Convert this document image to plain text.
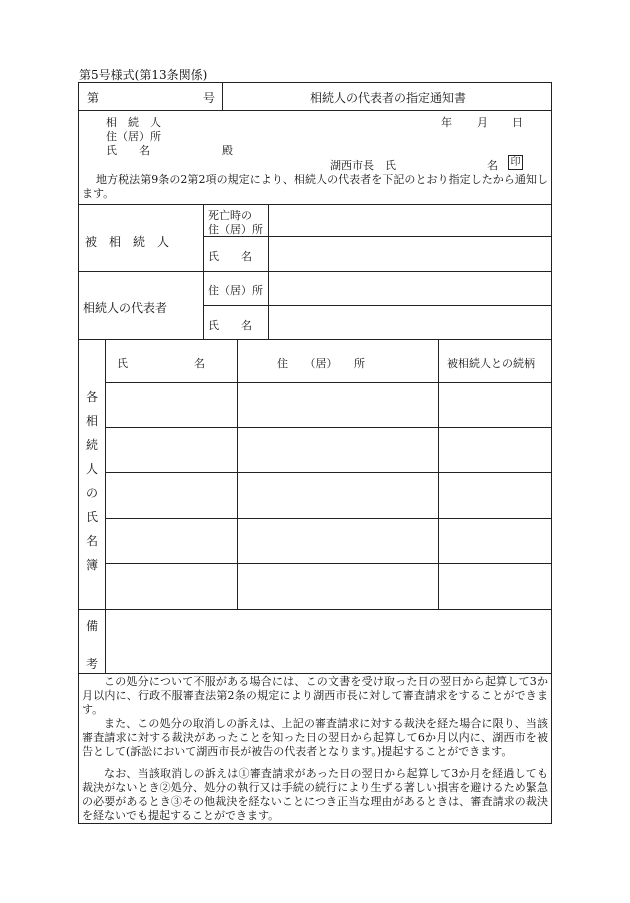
第5号様式(第13条関係)
第	号	相続人の代表者の指定通知書
相　続　人
住（居）所
氏　　名	殿
年 月 日
湖西市長　氏	名 印
地方税法第9条の2第2項の規定により、相続人の代表者を下記のとおり指定したから通知します。
被　相　続　人
死亡時の
住（居）所
氏　　名
相続人の代表者
住（居）所
氏　　名
氏　　　　　　名	住　　（居）　　所	被相続人との続柄
各
相
続
人
の
氏
名
簿
備
考
この処分について不服がある場合には、この文書を受け取った日の翌日から起算して3か月以内に、行政不服審査法第2条の規定により湖西市長に対して審査請求をすることができます。
また、この処分の取消しの訴えは、上記の審査請求に対する裁決を経た場合に限り、当該審査請求に対する裁決があったことを知った日の翌日から起算して6か月以内に、湖西市を被告として(訴訟において湖西市長が被告の代表者となります。)提起することができます。
なお、当該取消しの訴えは①審査請求があった日の翌日から起算して3か月を経過しても裁決がないとき②処分、処分の執行又は手続の続行により生ずる著しい損害を避けるため緊急の必要があるとき③その他裁決を経ないことにつき正当な理由があるときは、審査請求の裁決を経ないでも提起することができます。
